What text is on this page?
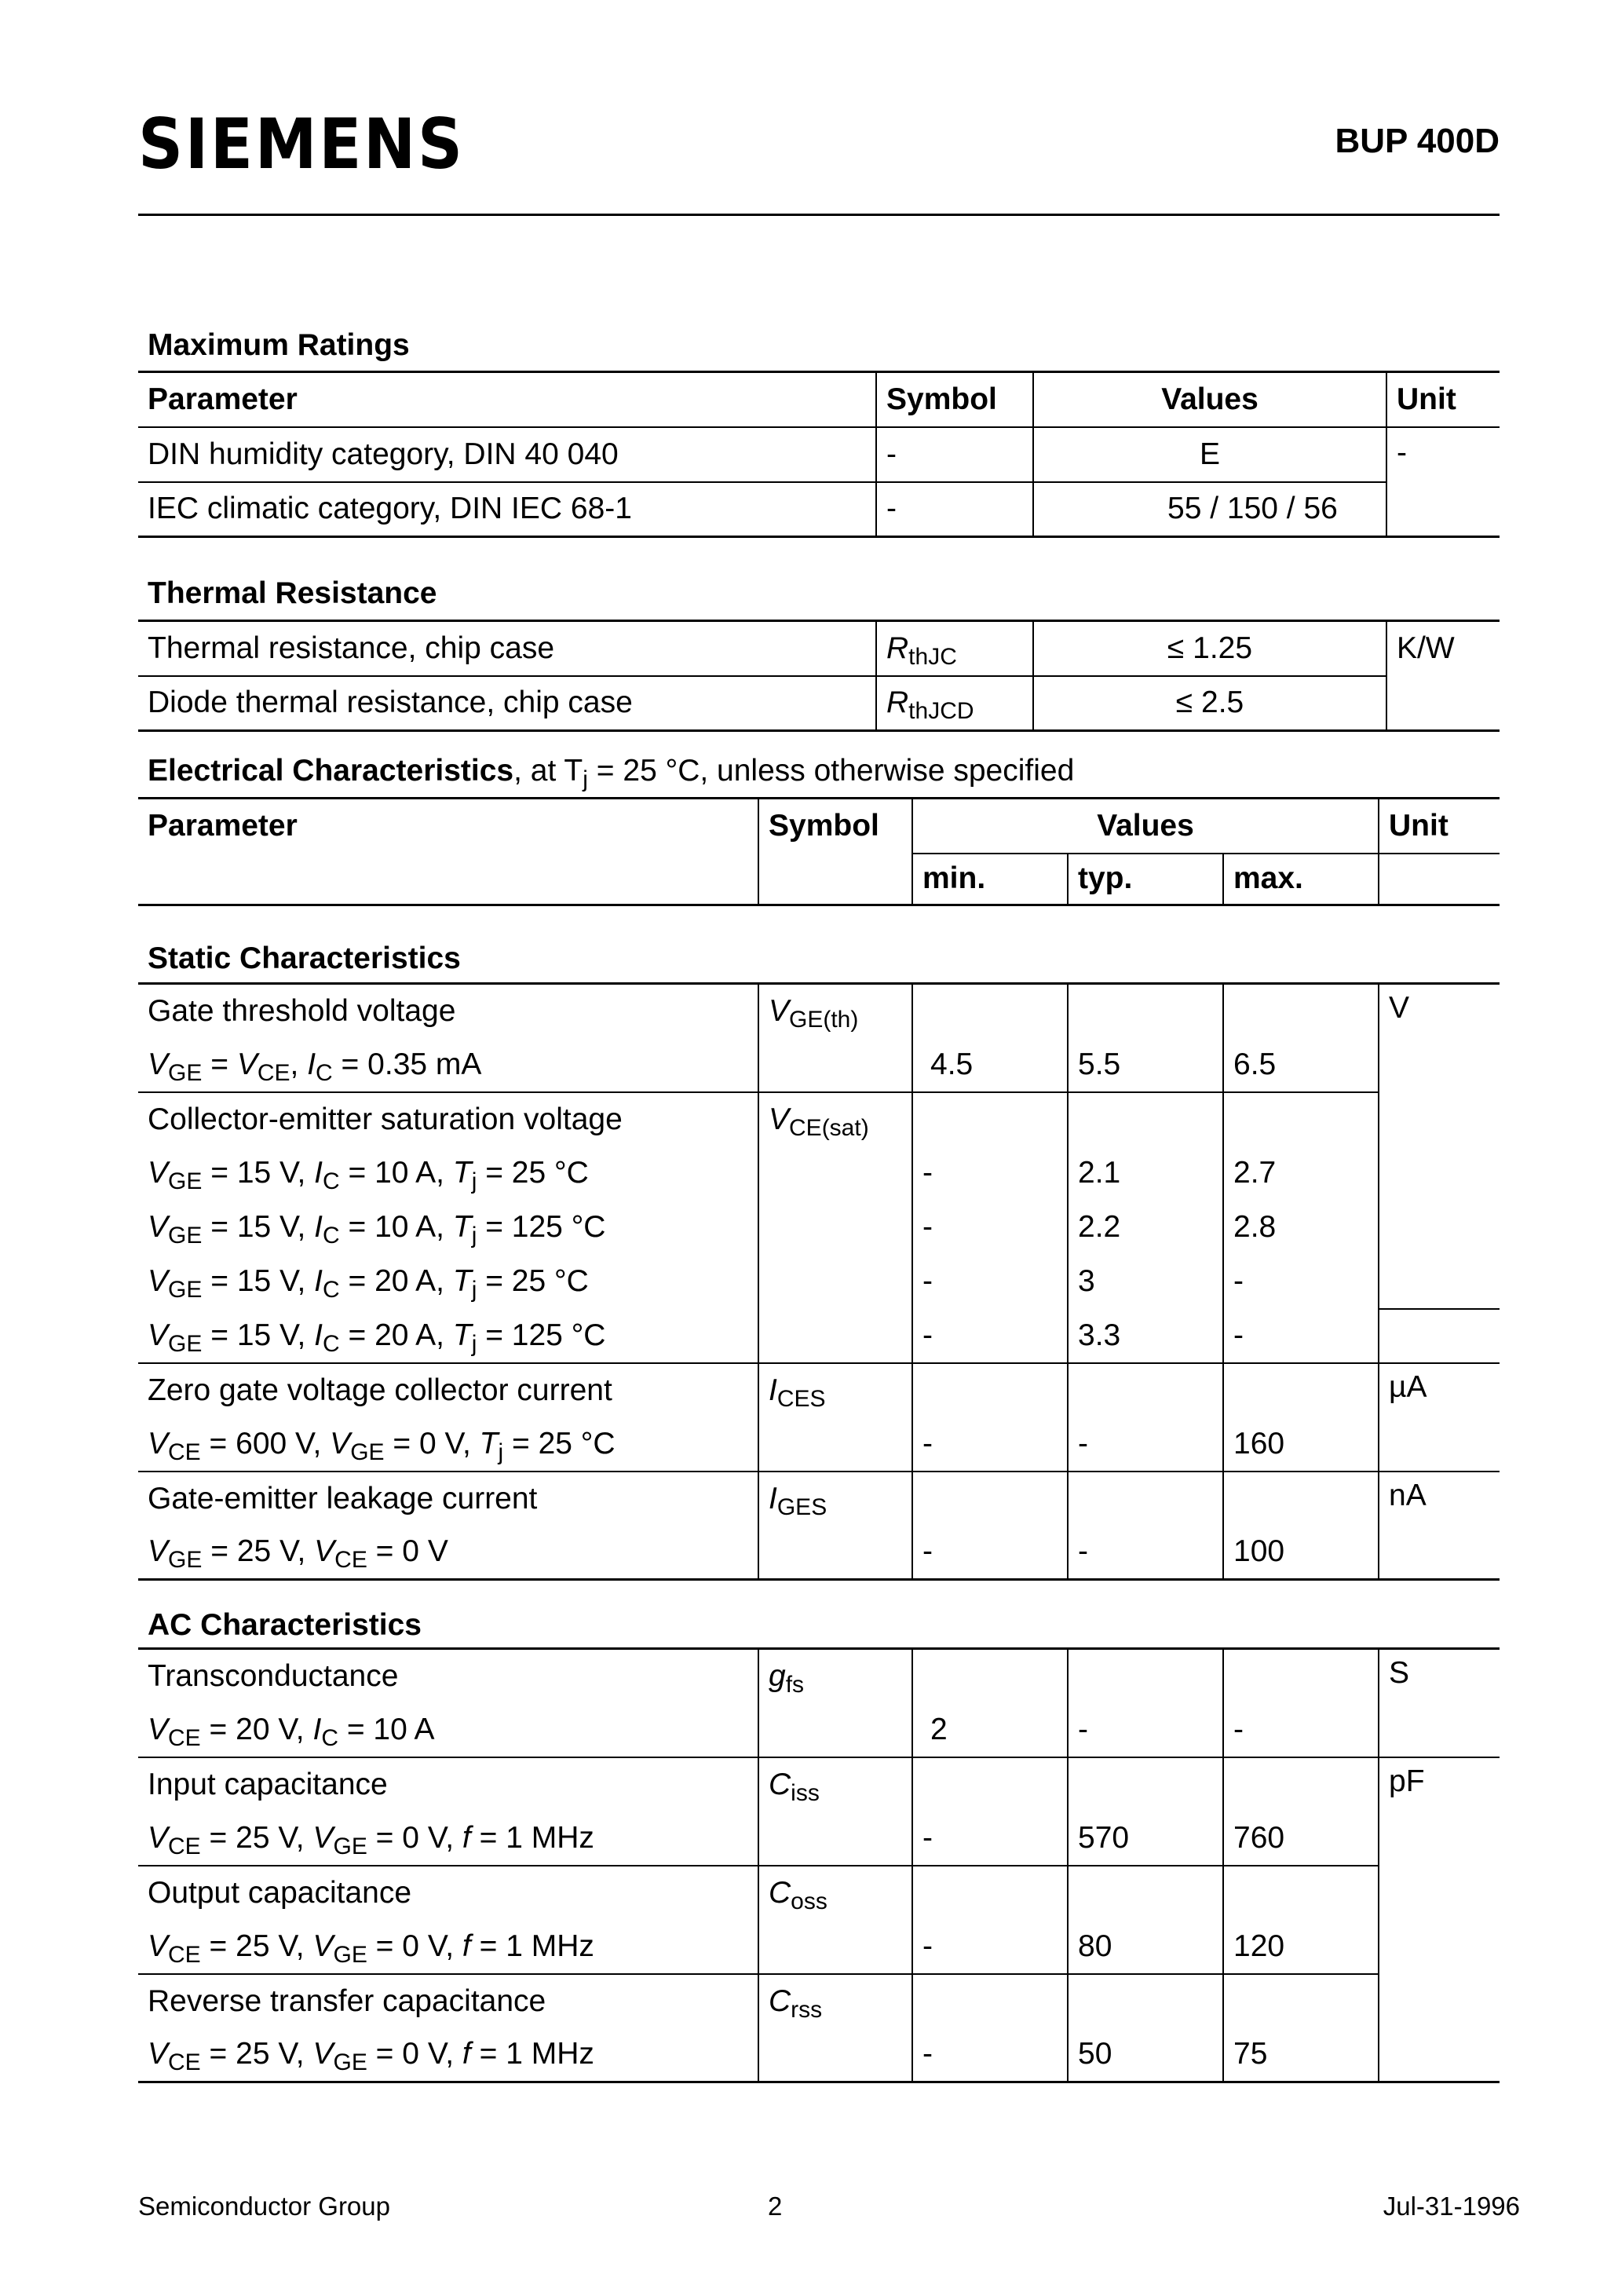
SIEMENS	BUP 400D
Maximum Ratings
Parameter	Symbol	Values	Unit
DIN humidity category, DIN 40 040	-	E	-
IEC climatic category, DIN IEC 68-1	-	55 / 150 / 56	
Thermal Resistance
Thermal resistance, chip case	$R_{thJC}$	≤ 1.25	K/W
Diode thermal resistance, chip case	$R_{thJCD}$	≤ 2.5	
Electrical Characteristics, at $T_j = 25$ °C, unless otherwise specified
Parameter	Symbol	Values			Unit
		min.	typ.	max.	
Static Characteristics					
Gate threshold voltage	$V_{GE(th)}$				V
$V_{GE} = V_{CE}$, $I_C = 0.35$ mA		4.5	5.5	6.5	
Collector-emitter saturation voltage	$V_{CE(sat)}$			
$V_{GE} = 15$ V, $I_C = 10$ A, $T_j = 25$ °C		-	2.1	2.7	
$V_{GE} = 15$ V, $I_C = 10$ A, $T_j = 125$ °C		-	2.2	2.8	
$V_{GE} = 15$ V, $I_C = 20$ A, $T_j = 25$ °C		-	3	-	
$V_{GE} = 15$ V, $I_C = 20$ A, $T_j = 125$ °C		-	3.3	-	
Zero gate voltage collector current	$I_{CES}$				µA
$V_{CE} = 600$ V, $V_{GE} = 0$ V, $T_j = 25$ °C		-	-	160	
Gate-emitter leakage current	$I_{GES}$				nA
$V_{GE} = 25$ V, $V_{CE} = 0$ V		-	-	100	
AC Characteristics					
Transconductance	$g_{fs}$				S
$V_{CE} = 20$ V, $I_C = 10$ A		2	-	-	
Input capacitance	$C_{iss}$				pF
$V_{CE} = 25$ V, $V_{GE} = 0$ V, f = 1 MHz		-	570	760	
Output capacitance	$C_{oss}$			
$V_{CE} = 25$ V, $V_{GE} = 0$ V, f = 1 MHz		-	80	120	
Reverse transfer capacitance	$C_{rss}$			
$V_{CE} = 25$ V, $V_{GE} = 0$ V, f = 1 MHz		-	50	75	
Semiconductor Group	2	Jul-31-1996
